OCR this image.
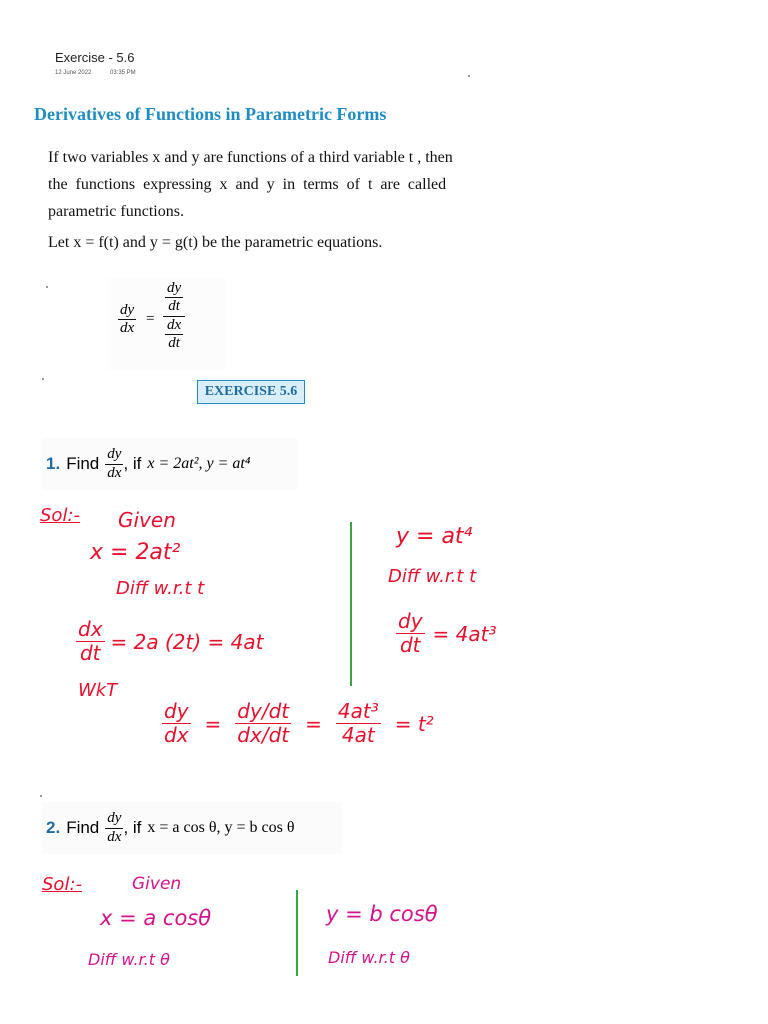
Exercise - 5.6
12 June 2022	03:35 PM
Derivatives of Functions in Parametric Forms
If two variables x and y are functions of a third variable t , then
the functions expressing x and y in terms of t are called
parametric functions.
Let x = f(t) and y = g(t) be the parametric equations.
$\frac{dy}{dx} = \frac{\frac{dy}{dt}}{\frac{dx}{dt}}$
EXERCISE 5.6
1. Find $\frac{dy}{dx}$ , if x = 2at², y = at⁴
Sol:- Given
x = 2at²
Diff w.r.t t
$\frac{dx}{dt} = 2a$ (2t) = 4at
y = at⁴
Diff w.r.t t
$\frac{dy}{dt} = 4at^3$
WkT
$\frac{dy}{dx} = \frac{dy/dt}{dx/dt} = \frac{\text{4at³}}{4at} = t^2$
2. Find $\frac{dy}{dx}$ , if x = a cos θ, y = b cos θ
Sol:-	Given
x = a cosθ
Diff w.r.t θ
y = b cosθ
Diff w.r.t θ
